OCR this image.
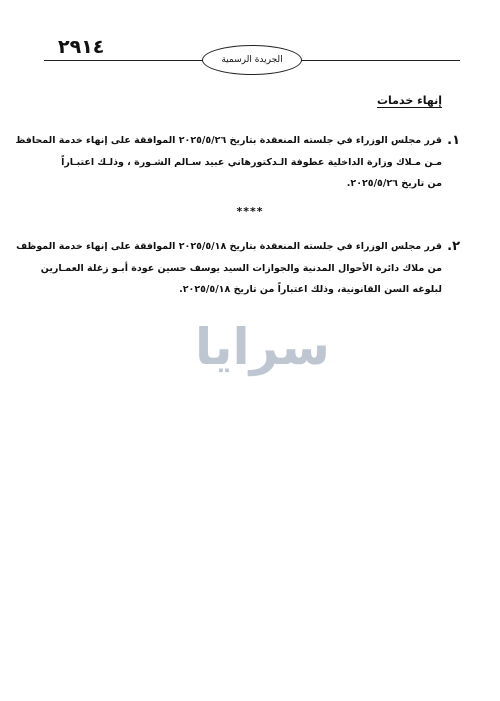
٢٩١٤
الجريدة الرسمية
إنهاء خدمات
١.
قرر مجلس الوزراء في جلسته المنعقدة بتاريخ ٢٠٢٥/٥/٢٦ الموافقة على إنهاء خدمة المحافظ
مـن مـلاك وزارة الداخلية عطوفة الـدكتورهاني عبيد سـالم الشـورة ، وذلـك اعتبـاراً
من تاريخ ٢٠٢٥/٥/٢٦.
****
٢.
قرر مجلس الوزراء في جلسته المنعقدة بتاريخ ٢٠٢٥/٥/١٨ الموافقة على إنهاء خدمة الموظف
من ملاك دائرة الأحوال المدنية والجوازات السيد يوسف حسين عودة أبـو زغلة العمـارين
لبلوغه السن القانونية، وذلك اعتباراً من تاريخ ٢٠٢٥/٥/١٨.
سرايا
